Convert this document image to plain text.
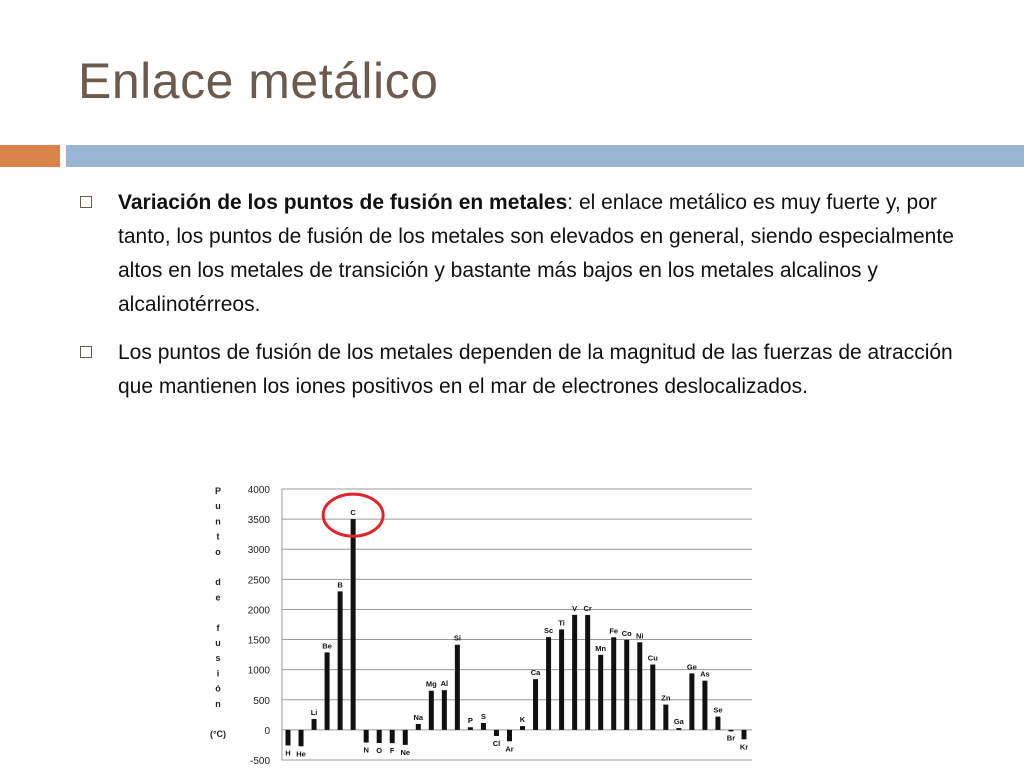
Enlace metálico
Variación de los puntos de fusión en metales: el enlace metálico es muy fuerte y, por tanto, los puntos de fusión de los metales son elevados en general, siendo especialmente altos en los metales de transición y bastante más bajos en los metales alcalinos y alcalinotérreos.
Los puntos de fusión de los metales dependen de la magnitud de las fuerzas de atracción que mantienen los iones positivos en el mar de electrones deslocalizados.
-500
0
500
1000
1500
2000
2500
3000
3500
4000
P
u
n
t
o
d
e
f
u
s
i
ó
n
(°C)
H He
Li
Be
B
C
N O F Ne
Na
Mg Al
Si
P S
Cl
Ar
K
Ca
Sc
Ti
V Cr
Mn
Fe Co Ni
Cu
Zn
Ga
Ge
As
Se
Br
Kr
